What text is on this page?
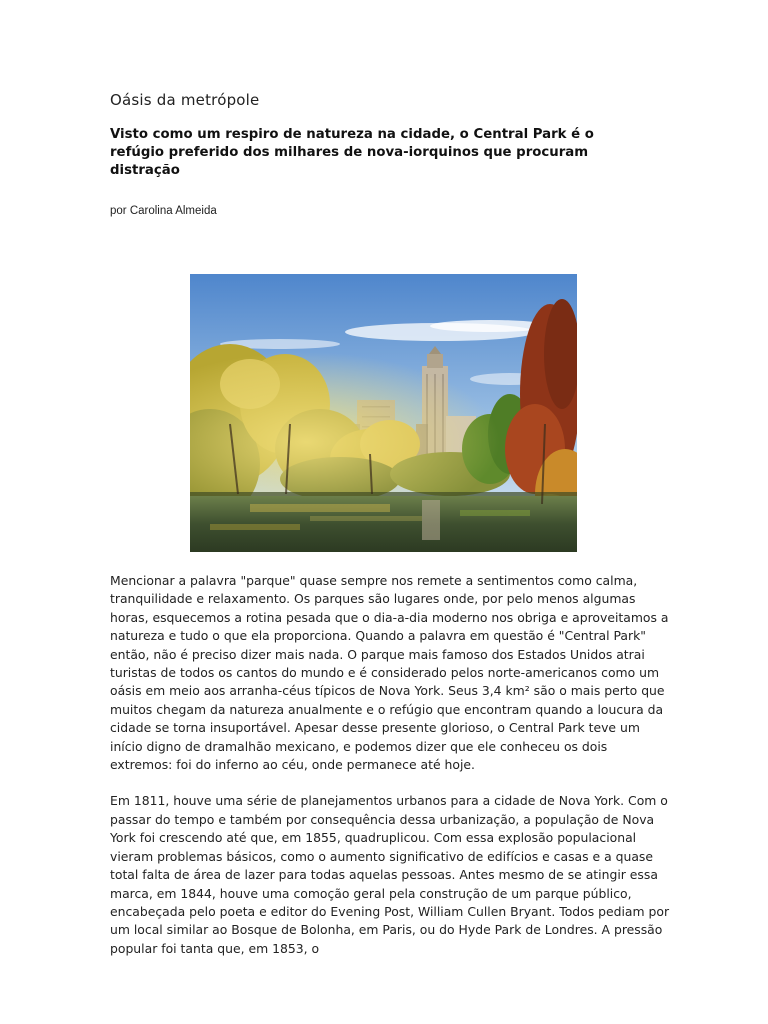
Oásis da metrópole
Visto como um respiro de natureza na cidade, o Central Park é o refúgio preferido dos milhares de nova-iorquinos que procuram distração
por Carolina Almeida

Mencionar a palavra "parque" quase sempre nos remete a sentimentos como calma, tranquilidade e relaxamento. Os parques são lugares onde, por pelo menos algumas horas, esquecemos a rotina pesada que o dia-a-dia moderno nos obriga e aproveitamos a natureza e tudo o que ela proporciona. Quando a palavra em questão é "Central Park" então, não é preciso dizer mais nada. O parque mais famoso dos Estados Unidos atrai turistas de todos os cantos do mundo e é considerado pelos norte-americanos como um oásis em meio aos arranha-céus típicos de Nova York. Seus 3,4 km² são o mais perto que muitos chegam da natureza anualmente e o refúgio que encontram quando a loucura da cidade se torna insuportável. Apesar desse presente glorioso, o Central Park teve um início digno de dramalhão mexicano, e podemos dizer que ele conheceu os dois extremos: foi do inferno ao céu, onde permanece até hoje.

Em 1811, houve uma série de planejamentos urbanos para a cidade de Nova York. Com o passar do tempo e também por consequência dessa urbanização, a população de Nova York foi crescendo até que, em 1855, quadruplicou. Com essa explosão populacional vieram problemas básicos, como o aumento significativo de edifícios e casas e a quase total falta de área de lazer para todas aquelas pessoas. Antes mesmo de se atingir essa marca, em 1844, houve uma comoção geral pela construção de um parque público, encabeçada pelo poeta e editor do Evening Post, William Cullen Bryant. Todos pediam por um local similar ao Bosque de Bolonha, em Paris, ou do Hyde Park de Londres. A pressão popular foi tanta que, em 1853, o
